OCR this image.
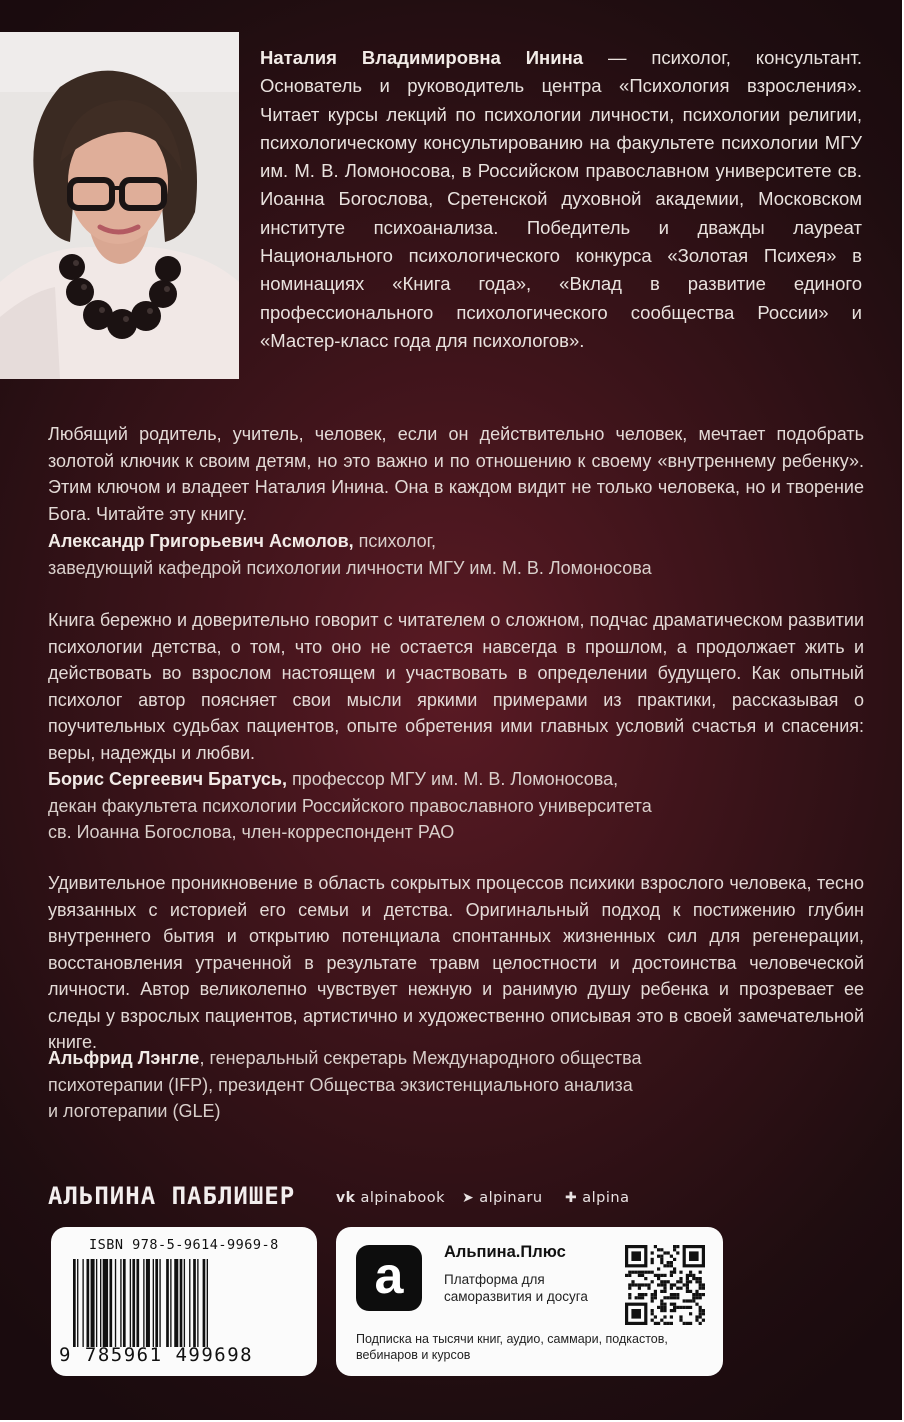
Наталия Владимировна Инина — психолог, консультант. Основатель и руководитель центра «Психология взросления». Читает курсы лекций по психологии личности, психологии религии, психологическому консультированию на факультете психологии МГУ им. М. В. Ломоносова, в Российском православном университете св. Иоанна Богослова, Сретенской духовной академии, Московском институте психоанализа. Победитель и дважды лауреат Национального психологического конкурса «Золотая Психея» в номинациях «Книга года», «Вклад в развитие единого профессионального психологического сообщества России» и «Мастер-класс года для психологов».

Любящий родитель, учитель, человек, если он действительно человек, мечтает подобрать золотой ключик к своим детям, но это важно и по отношению к своему «внутреннему ребенку». Этим ключом и владеет Наталия Инина. Она в каждом видит не только человека, но и творение Бога. Читайте эту книгу.

Александр Григорьевич Асмолов, психолог,
заведующий кафедрой психологии личности МГУ им. М. В. Ломоносова

Книга бережно и доверительно говорит с читателем о сложном, подчас драматическом развитии психологии детства, о том, что оно не остается навсегда в прошлом, а продолжает жить и действовать во взрослом настоящем и участвовать в определении будущего. Как опытный психолог автор поясняет свои мысли яркими примерами из практики, рассказывая о поучительных судьбах пациентов, опыте обретения ими главных условий счастья и спасения: веры, надежды и любви.

Борис Сергеевич Братусь, профессор МГУ им. М. В. Ломоносова,
декан факультета психологии Российского православного университета
св. Иоанна Богослова, член-корреспондент РАО

Удивительное проникновение в область сокрытых процессов психики взрослого человека, тесно увязанных с историей его семьи и детства. Оригинальный подход к постижению глубин внутреннего бытия и открытию потенциала спонтанных жизненных сил для регенерации, восстановления утраченной в результате травм целостности и достоинства человеческой личности. Автор великолепно чувствует нежную и ранимую душу ребенка и прозревает ее следы у взрослых пациентов, артистично и художественно описывая это в своей замечательной книге.

Альфрид Лэнгле, генеральный секретарь Международного общества
психотерапии (IFP), президент Общества экзистенциального анализа
и логотерапии (GLE)

АЛЬПИНА ПАБЛИШЕР	vk alpinabook ➤ alpinaru ✚ alpina
ISBN 978-5-9614-9969-8
9 785961 499698
a	Альпина.Плюс
Платформа для саморазвития и досуга
Подписка на тысячи книг, аудио, саммари, подкастов, вебинаров и курсов
